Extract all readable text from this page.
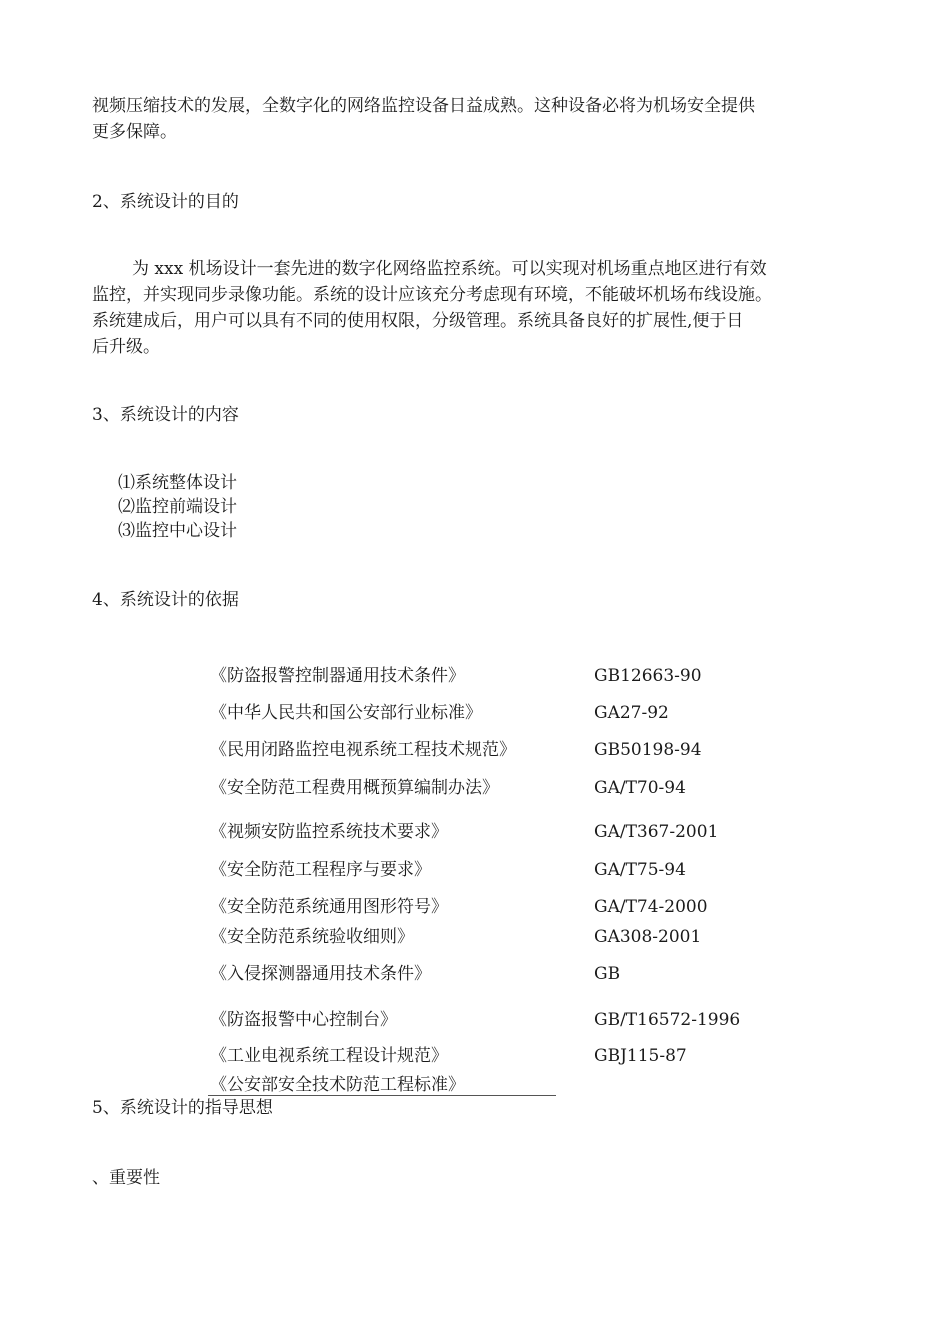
视频压缩技术的发展，全数字化的网络监控设备日益成熟。这种设备必将为机场安全提供
更多保障。
2、系统设计的目的
为 xxx 机场设计一套先进的数字化网络监控系统。可以实现对机场重点地区进行有效
监控，并实现同步录像功能。系统的设计应该充分考虑现有环境，不能破坏机场布线设施。
系统建成后，用户可以具有不同的使用权限，分级管理。系统具备良好的扩展性,便于日
后升级。
3、系统设计的内容
⑴系统整体设计
⑵监控前端设计
⑶监控中心设计
4、系统设计的依据
《防盗报警控制器通用技术条件》	GB12663-90
《中华人民共和国公安部行业标准》	GA27-92
《民用闭路监控电视系统工程技术规范》	GB50198-94
《安全防范工程费用概预算编制办法》	GA/T70-94
《视频安防监控系统技术要求》	GA/T367-2001
《安全防范工程程序与要求》	GA/T75-94
《安全防范系统通用图形符号》	GA/T74-2000
《安全防范系统验收细则》	GA308-2001
《入侵探测器通用技术条件》	GB
《防盗报警中心控制台》	GB/T16572-1996
《工业电视系统工程设计规范》	GBJ115-87
《公安部安全技术防范工程标准》
5、系统设计的指导思想
、重要性
